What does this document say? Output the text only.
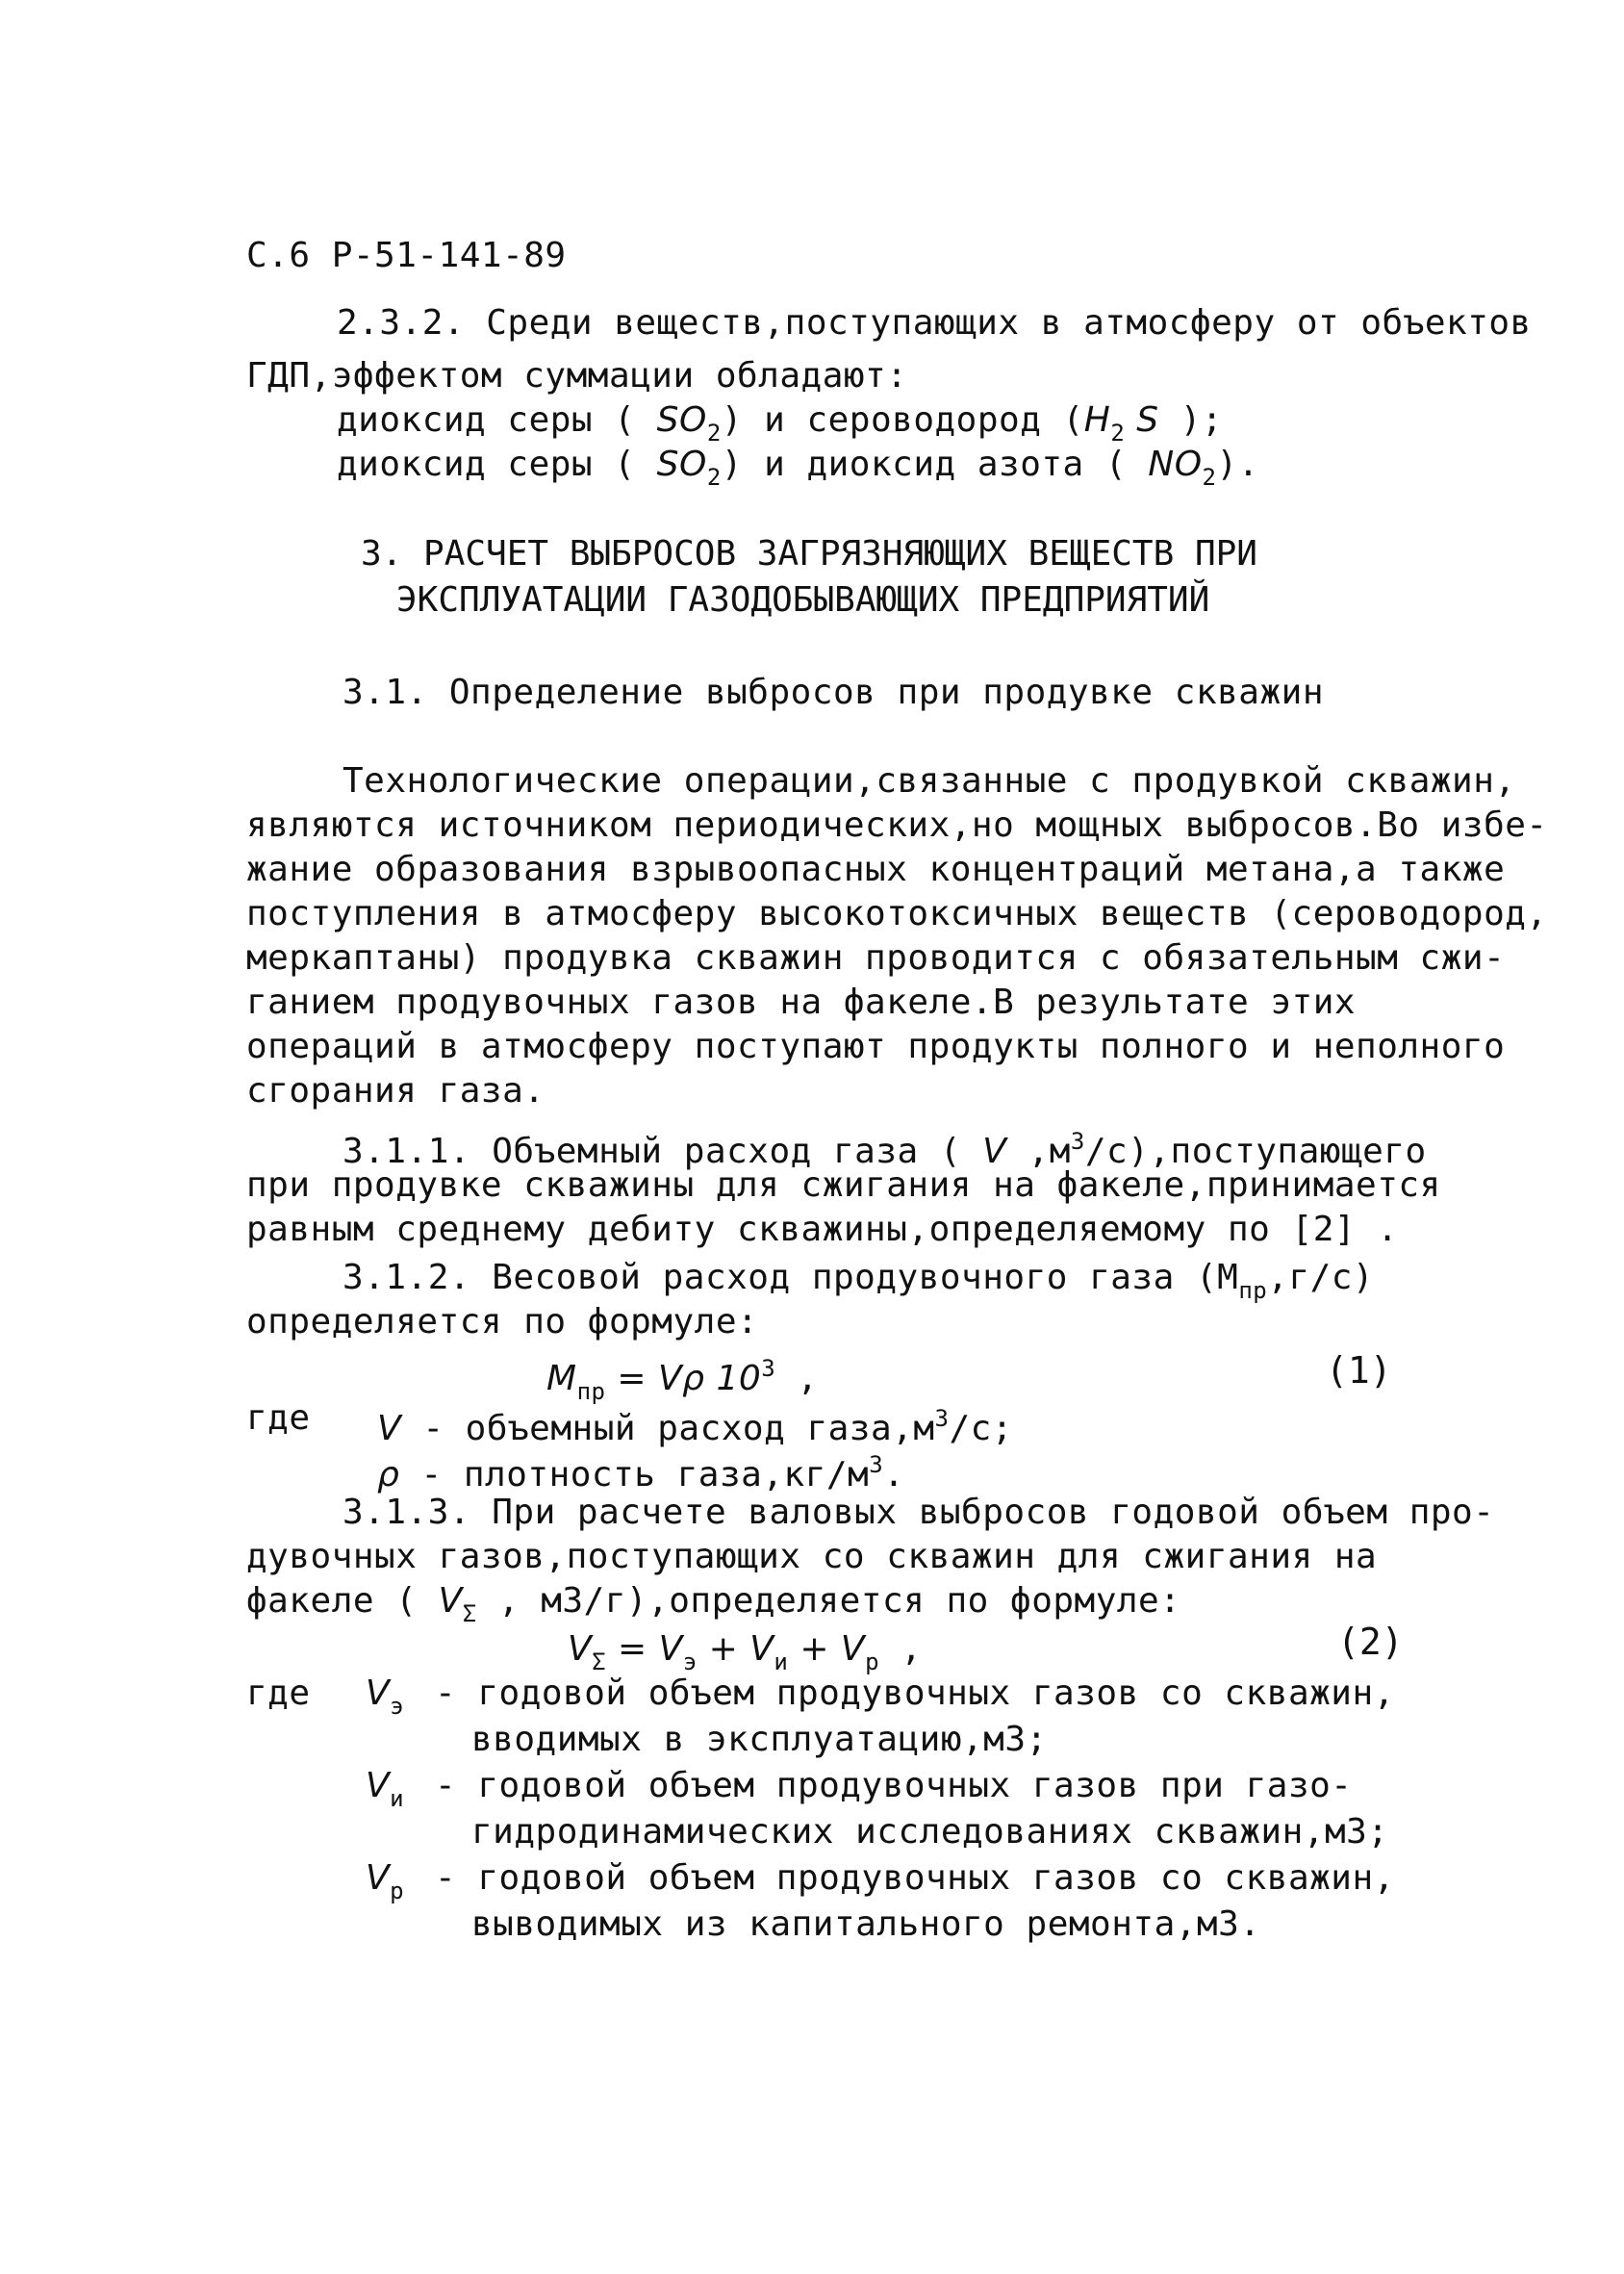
С.6 Р-51-141-89
2.3.2. Среди веществ,поступающих в атмосферу от объектов
ГДП,эффектом суммации обладают:
диоксид серы ( $SO_2$) и сероводород ($H_2$ S );
диоксид серы ( $SO_2$) и диоксид азота ( $NO_2$).
3. РАСЧЕТ ВЫБРОСОВ ЗАГРЯЗНЯЮЩИХ ВЕЩЕСТВ ПРИ
ЭКСПЛУАТАЦИИ ГАЗОДОБЫВАЮЩИХ ПРЕДПРИЯТИЙ
3.1. Определение выбросов при продувке скважин
Технологические операции,связанные с продувкой скважин,
являются источником периодических,но мощных выбросов.Во избе-
жание образования взрывоопасных концентраций метана,а также
поступления в атмосферу высокотоксичных веществ (сероводород,
меркаптаны) продувка скважин проводится с обязательным сжи-
ганием продувочных газов на факеле.В результате этих
операций в атмосферу поступают продукты полного и неполного
сгорания газа.
3.1.1. Объемный расход газа ( V $,м^3/с),поступающего$
при продувке скважины для сжигания на факеле,принимается
равным среднему дебиту скважины,определяемому по [2] .
3.1.2. Весовой расход продувочного газа $(М_{пр},г/с)$
определяется по формуле:
$M_{пр} = V\rho$ $10^3$ ,	(1)
где V - объемный расход $газа,м^3/с$;
ρ - плотность $газа,кг/м^3$.
3.1.3. При расчете валовых выбросов годовой объем про-
дувочных газов,поступающих со скважин для сжигания на
факеле ( $V_\Sigma$ , м3/г),определяется по формуле:
$V_\Sigma = V_э + V_и + V_р$ ,	(2)
где $V_э$ - годовой объем продувочных газов со скважин,
вводимых в эксплуатацию,м3;
$V_и$ - годовой объем продувочных газов при газо-
гидродинамических исследованиях скважин,м3;
$V_р$ - годовой объем продувочных газов со скважин,
выводимых из капитального ремонта,м3.
